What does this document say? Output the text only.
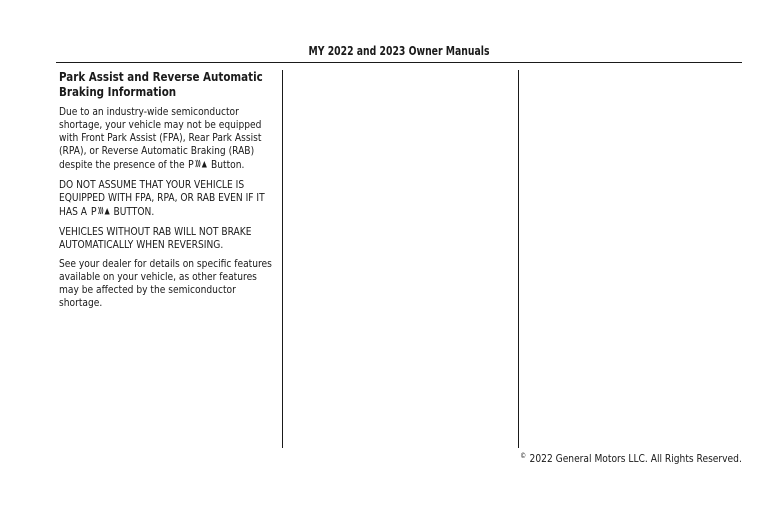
MY 2022 and 2023 Owner Manuals
Park Assist and Reverse Automatic
Braking Information

Due to an industry-wide semiconductor shortage, your vehicle may not be equipped with Front Park Assist (FPA), Rear Park Assist (RPA), or Reverse Automatic Braking (RAB) despite the presence of the P Button.

DO NOT ASSUME THAT YOUR VEHICLE IS EQUIPPED WITH FPA, RPA, OR RAB EVEN IF IT HAS A P BUTTON.

VEHICLES WITHOUT RAB WILL NOT BRAKE AUTOMATICALLY WHEN REVERSING.

See your dealer for details on specific features available on your vehicle, as other features may be affected by the semiconductor shortage.

© 2022 General Motors LLC. All Rights Reserved.
